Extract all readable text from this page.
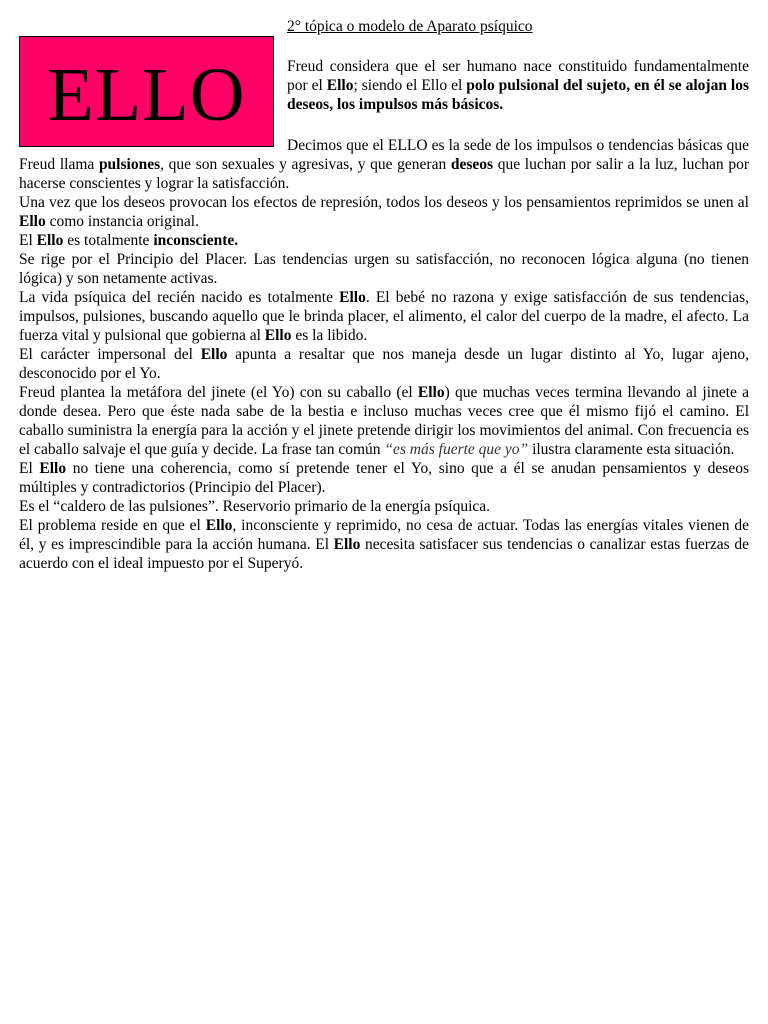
ELLO
2° tópica o modelo de Aparato psíquico
Freud considera que el ser humano nace constituido fundamentalmente por el Ello; siendo el Ello el polo pulsional del sujeto, en él se alojan los deseos, los impulsos más básicos.

Decimos que el ELLO es la sede de los impulsos o tendencias básicas que Freud llama pulsiones, que son sexuales y agresivas, y que generan deseos que luchan por salir a la luz, luchan por hacerse conscientes y lograr la satisfacción.

Una vez que los deseos provocan los efectos de represión, todos los deseos y los pensamientos reprimidos se unen al Ello como instancia original.

El Ello es totalmente inconsciente.

Se rige por el Principio del Placer. Las tendencias urgen su satisfacción, no reconocen lógica alguna (no tienen lógica) y son netamente activas.

La vida psíquica del recién nacido es totalmente Ello. El bebé no razona y exige satisfacción de sus tendencias, impulsos, pulsiones, buscando aquello que le brinda placer, el alimento, el calor del cuerpo de la madre, el afecto. La fuerza vital y pulsional que gobierna al Ello es la libido.

El carácter impersonal del Ello apunta a resaltar que nos maneja desde un lugar distinto al Yo, lugar ajeno, desconocido por el Yo.

Freud plantea la metáfora del jinete (el Yo) con su caballo (el Ello) que muchas veces termina llevando al jinete a donde desea. Pero que éste nada sabe de la bestia e incluso muchas veces cree que él mismo fijó el camino. El caballo suministra la energía para la acción y el jinete pretende dirigir los movimientos del animal. Con frecuencia es el caballo salvaje el que guía y decide. La frase tan común “es más fuerte que yo” ilustra claramente esta situación.

El Ello no tiene una coherencia, como sí pretende tener el Yo, sino que a él se anudan pensamientos y deseos múltiples y contradictorios (Principio del Placer).

Es el “caldero de las pulsiones”. Reservorio primario de la energía psíquica.

El problema reside en que el Ello, inconsciente y reprimido, no cesa de actuar. Todas las energías vitales vienen de él, y es imprescindible para la acción humana. El Ello necesita satisfacer sus tendencias o canalizar estas fuerzas de acuerdo con el ideal impuesto por el Superyó.
